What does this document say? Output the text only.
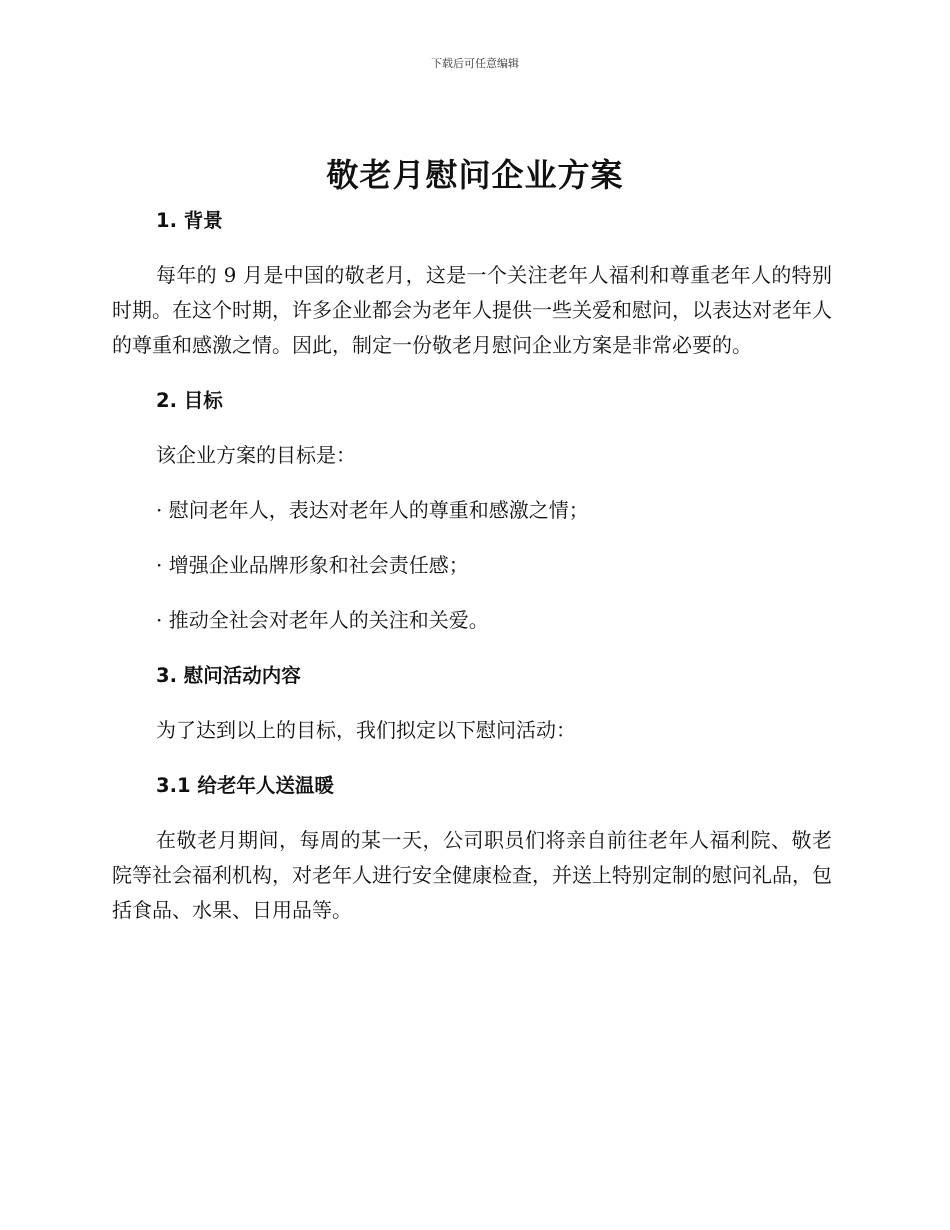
下载后可任意编辑
敬老月慰问企业方案

1. 背景

每年的 9 月是中国的敬老月，这是一个关注老年人福利和尊重老年人的特别时期。在这个时期，许多企业都会为老年人提供一些关爱和慰问，以表达对老年人的尊重和感激之情。因此，制定一份敬老月慰问企业方案是非常必要的。

2. 目标

该企业方案的目标是：

· 慰问老年人，表达对老年人的尊重和感激之情；

· 增强企业品牌形象和社会责任感；

· 推动全社会对老年人的关注和关爱。

3. 慰问活动内容

为了达到以上的目标，我们拟定以下慰问活动：

3.1 给老年人送温暖

在敬老月期间，每周的某一天，公司职员们将亲自前往老年人福利院、敬老院等社会福利机构，对老年人进行安全健康检查，并送上特别定制的慰问礼品，包括食品、水果、日用品等。
